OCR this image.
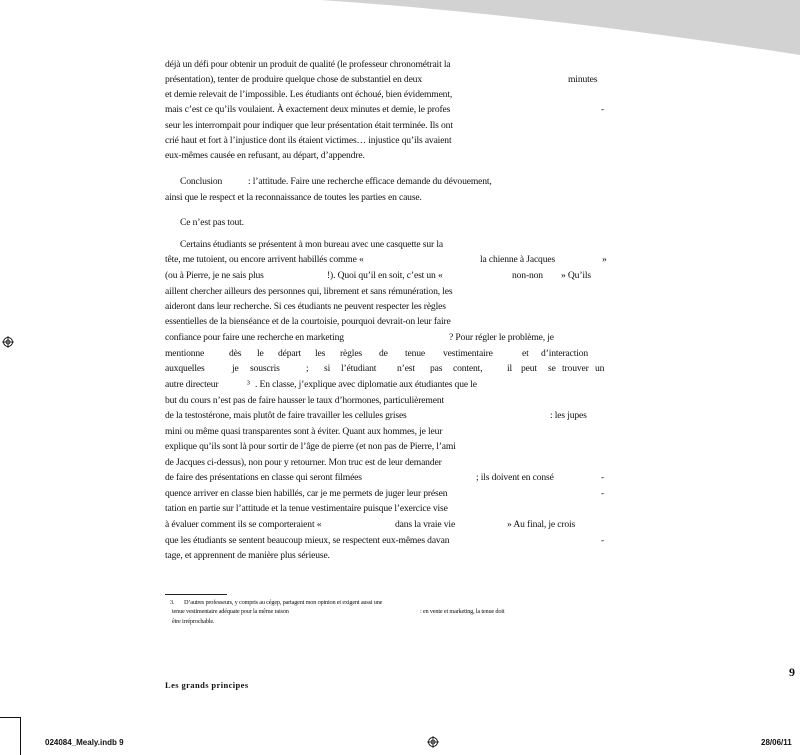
déjà un défi pour obtenir un produit de qualité (le professeur chronométrait la
présentation), tenter de produire quelque chose de substantiel en deux	minutes
et demie relevait de l’impossible. Les étudiants ont échoué, bien évidemment,
mais c’est ce qu’ils voulaient. À exactement deux minutes et demie, le profes	-
seur les interrompait pour indiquer que leur présentation était terminée. Ils ont
crié haut et fort à l’injustice dont ils étaient victimes… injustice qu’ils avaient
eux-mêmes causée en refusant, au départ, d’appendre.
Conclusion	: l’attitude. Faire une recherche efficace demande du dévouement,
ainsi que le respect et la reconnaissance de toutes les parties en cause.
Ce n’est pas tout.
Certains étudiants se présentent à mon bureau avec une casquette sur la
tête, me tutoient, ou encore arrivent habillés comme «	la chienne à Jacques	»
(ou à Pierre, je ne sais plus	!). Quoi qu’il en soit, c’est un «	non-non » Qu’ils
aillent chercher ailleurs des personnes qui, librement et sans rémunération, les
aideront dans leur recherche. Si ces étudiants ne peuvent respecter les règles
essentielles de la bienséance et de la courtoisie, pourquoi devrait-on leur faire
confiance pour faire une recherche en marketing	? Pour régler le problème, je
mentionne	dès le départ les règles de tenue vestimentaire	et d’interaction
auxquelles	je souscris	; si l’étudiant n’est pas content,	il peut se trouver un
autre directeur	³ . En classe, j’explique avec diplomatie aux étudiantes que le
but du cours n’est pas de faire hausser le taux d’hormones, particulièrement
de la testostérone, mais plutôt de faire travailler les cellules grises	: les jupes
mini ou même quasi transparentes sont à éviter. Quant aux hommes, je leur
explique qu’ils sont là pour sortir de l’âge de pierre (et non pas de Pierre, l’ami
de Jacques ci-dessus), non pour y retourner. Mon truc est de leur demander
de faire des présentations en classe qui seront filmées	; ils doivent en consé	-
quence arriver en classe bien habillés, car je me permets de juger leur présen	-
tation en partie sur l’attitude et la tenue vestimentaire puisque l’exercice vise
à évaluer comment ils se comporteraient «	dans la vraie vie	» Au final, je crois
que les étudiants se sentent beaucoup mieux, se respectent eux-mêmes davan	-
tage, et apprennent de manière plus sérieuse.
3. D’autres professeurs, y compris au cégep, partagent mon opinion et exigent aussi une
tenue vestimentaire adéquate pour la même raison	: en vente et marketing, la tenue doit
être irréprochable.
9
Les grands principes
024084_Mealy.indb 9	28/06/11
